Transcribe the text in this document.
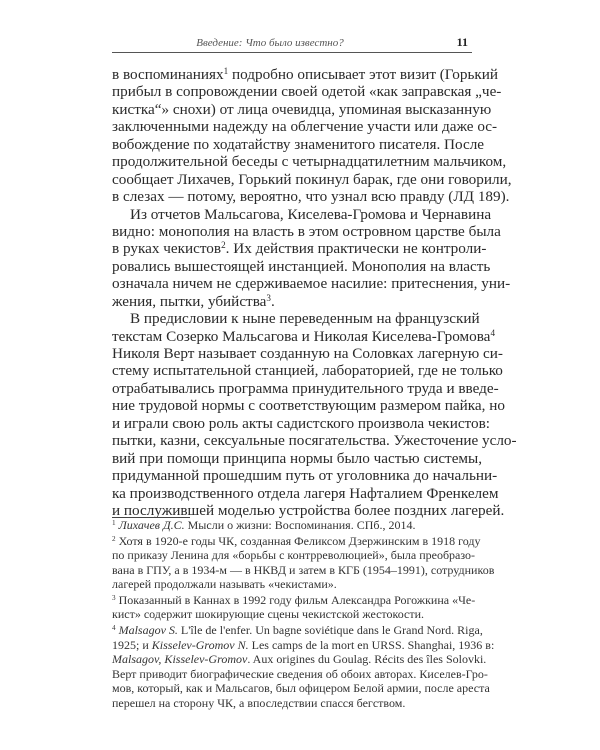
Введение: Что было известно?	11
в воспоминаниях$^1$ подробно описывает этот визит (Горький
прибыл в сопровождении своей одетой «как заправская „че-
кистка“» снохи) от лица очевидца, упоминая высказанную
заключенными надежду на облегчение участи или даже ос-
вобождение по ходатайству знаменитого писателя. После
продолжительной беседы с четырнадцатилетним мальчиком,
сообщает Лихачев, Горький покинул барак, где они говорили,
в слезах — потому, вероятно, что узнал всю правду (ЛД 189).
Из отчетов Мальсагова, Киселева-Громова и Чернавина
видно: монополия на власть в этом островном царстве была
в руках чекистов$^2$. Их действия практически не контроли-
ровались вышестоящей инстанцией. Монополия на власть
означала ничем не сдерживаемое насилие: притеснения, уни-
жения, пытки, убийства$^3$.
В предисловии к ныне переведенным на французский
текстам Созерко Мальсагова и Николая Киселева-Громова$^4$
Николя Верт называет созданную на Соловках лагерную си-
стему испытательной станцией, лабораторией, где не только
отрабатывались программа принудительного труда и введе-
ние трудовой нормы с соответствующим размером пайка, но
и играли свою роль акты садистского произвола чекистов:
пытки, казни, сексуальные посягательства. Ужесточение усло-
вий при помощи принципа нормы было частью системы,
придуманной прошедшим путь от уголовника до начальни-
ка производственного отдела лагеря Нафталием Френкелем
и послужившей моделью устройства более поздних лагерей.
$^1$ Лихачев Д.С. Мысли о жизни: Воспоминания. СПб., 2014.
$^2$ Хотя в 1920-е годы ЧК, созданная Феликсом Дзержинским в 1918 году
по приказу Ленина для «борьбы с контрреволюцией», была преобразо-
вана в ГПУ, а в 1934-м — в НКВД и затем в КГБ (1954–1991), сотрудников
лагерей продолжали называть «чекистами».
$^3$ Показанный в Каннах в 1992 году фильм Александра Рогожкина «Че-
кист» содержит шокирующие сцены чекистской жестокости.
$^4$ Malsagov S. L'île de l'enfer. Un bagne soviétique dans le Grand Nord. Riga,
1925; и Kisselev-Gromov N. Les camps de la mort en URSS. Shanghai, 1936 в:
Malsagov, Kisselev-Gromov. Aux origines du Goulag. Récits des îles Solovki.
Верт приводит биографические сведения об обоих авторах. Киселев-Гро-
мов, который, как и Мальсагов, был офицером Белой армии, после ареста
перешел на сторону ЧК, а впоследствии спасся бегством.
